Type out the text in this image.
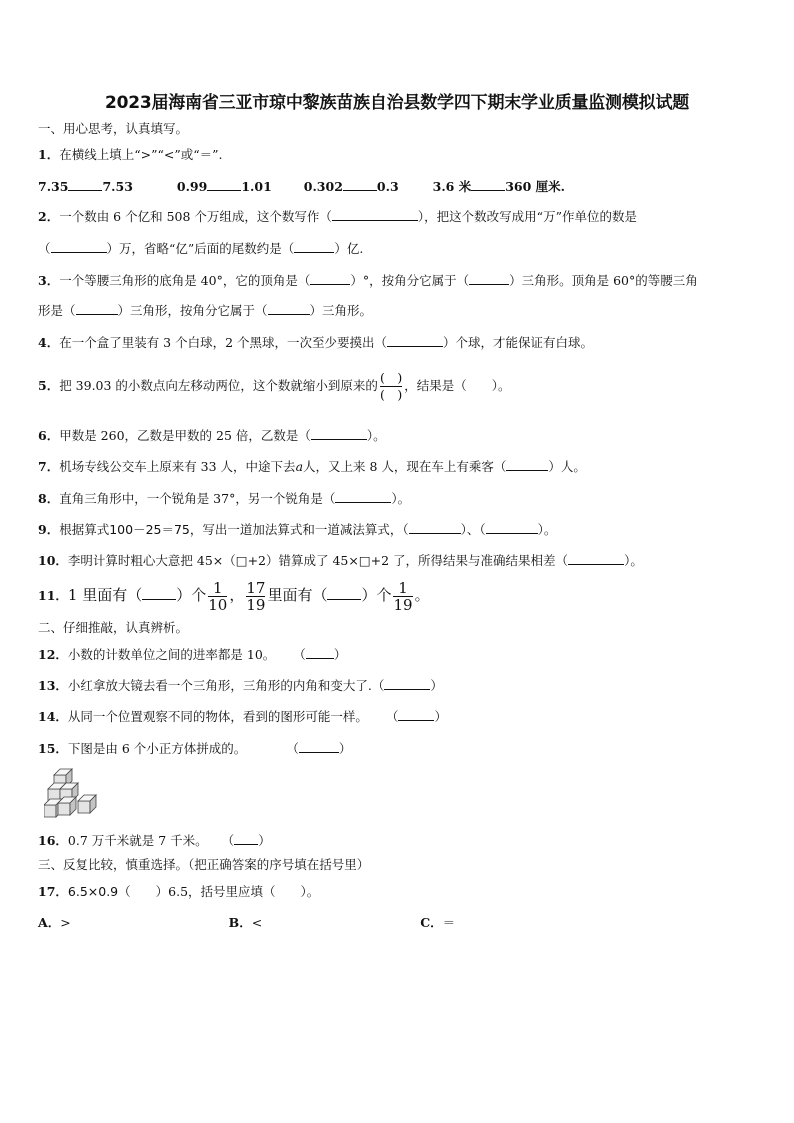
2023届海南省三亚市琼中黎族苗族自治县数学四下期末学业质量监测模拟试题
一、用心思考，认真填写。
1．在横线上填上“>”“<”或“＝”.
7.35	7.53	0.99	1.01	0.302	0.3	3.6 米	360 厘米.
2．一个数由 6 个亿和 508 个万组成，这个数写作（	），把这个数改写成用“万”作单位的数是
（	）万，省略“亿”后面的尾数约是（	）亿.
3．一个等腰三角形的底角是 40°，它的顶角是（	）°，按角分它属于（	）三角形。顶角是 60°的等腰三角
形是（	）三角形，按角分它属于（	）三角形。
4．在一个盒了里装有 3 个白球，2 个黑球，一次至少要摸出（	）个球，才能保证有白球。
5．把 39.03 的小数点向左移动两位，这个数就缩小到原来的 $\frac{( )}{( )}$ ，结果是（　　）。
6．甲数是 260，乙数是甲数的 25 倍，乙数是（	）。
7．机场专线公交车上原来有 33 人，中途下去a人，又上来 8 人，现在车上有乘客（	）人。
8．直角三角形中，一个锐角是 37°，另一个锐角是（	）。
9．根据算式100－25＝75，写出一道加法算式和一道减法算式，（	）、（	）。
10．李明计算时粗心大意把 45×（□+2）错算成了 45×□+2 了，所得结果与准确结果相差（	）。
11．1 里面有（ ）个 $\frac{1}{10}$ ， $\frac{17}{19}$ 里面有（ ）个 $\frac{1}{19}$ 。
二、仔细推敲，认真辨析。
12．小数的计数单位之间的进率都是 10。 （ ）
13．小红拿放大镜去看一个三角形，三角形的内角和变大了.（	）
14．从同一个位置观察不同的物体，看到的图形可能一样。 （	）
15．下图是由 6 个小正方体拼成的。	（	）
16．0.7 万千米就是 7 千米。 （ ）
三、反复比较，慎重选择。（把正确答案的序号填在括号里）
17．6.5×0.9（　　）6.5，括号里应填（　　）。
A．>	B．<	C．＝
